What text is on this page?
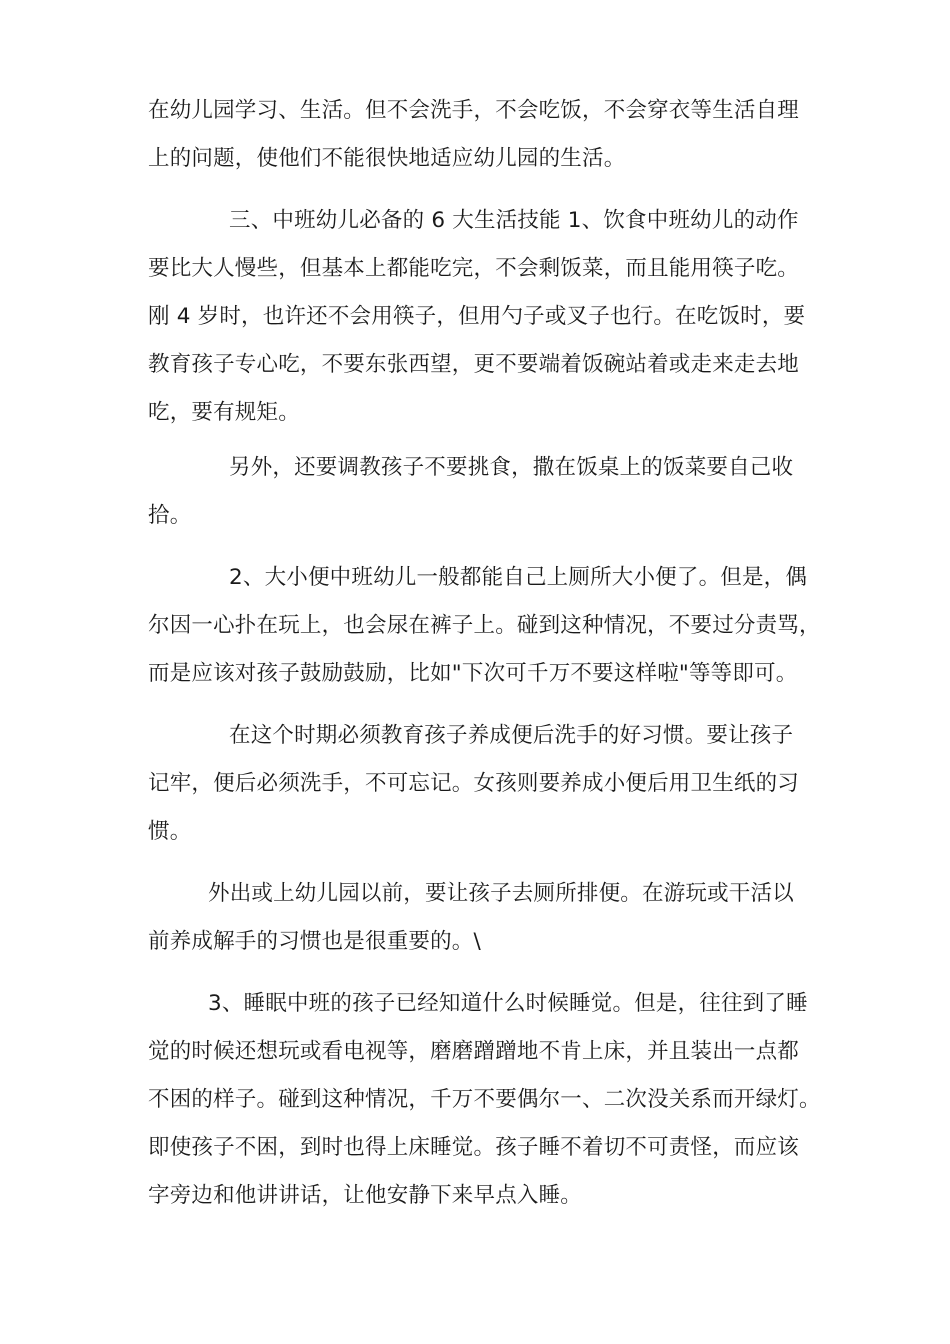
在幼儿园学习、生活。但不会洗手，不会吃饭，不会穿衣等生活自理
上的问题，使他们不能很快地适应幼儿园的生活。
三、中班幼儿必备的 6 大生活技能 1、饮食中班幼儿的动作
要比大人慢些，但基本上都能吃完，不会剩饭菜，而且能用筷子吃。
刚 4 岁时，也许还不会用筷子，但用勺子或叉子也行。在吃饭时，要
教育孩子专心吃，不要东张西望，更不要端着饭碗站着或走来走去地
吃，要有规矩。
另外，还要调教孩子不要挑食，撒在饭桌上的饭菜要自己收
拾。
2、大小便中班幼儿一般都能自己上厕所大小便了。但是，偶
尔因一心扑在玩上，也会尿在裤子上。碰到这种情况，不要过分责骂，
而是应该对孩子鼓励鼓励，比如"下次可千万不要这样啦"等等即可。
在这个时期必须教育孩子养成便后洗手的好习惯。要让孩子
记牢，便后必须洗手，不可忘记。女孩则要养成小便后用卫生纸的习
惯。
外出或上幼儿园以前，要让孩子去厕所排便。在游玩或干活以
前养成解手的习惯也是很重要的。\
3、睡眠中班的孩子已经知道什么时候睡觉。但是，往往到了睡
觉的时候还想玩或看电视等，磨磨蹭蹭地不肯上床，并且装出一点都
不困的样子。碰到这种情况，千万不要偶尔一、二次没关系而开绿灯。
即使孩子不困，到时也得上床睡觉。孩子睡不着切不可责怪，而应该
字旁边和他讲讲话，让他安静下来早点入睡。
